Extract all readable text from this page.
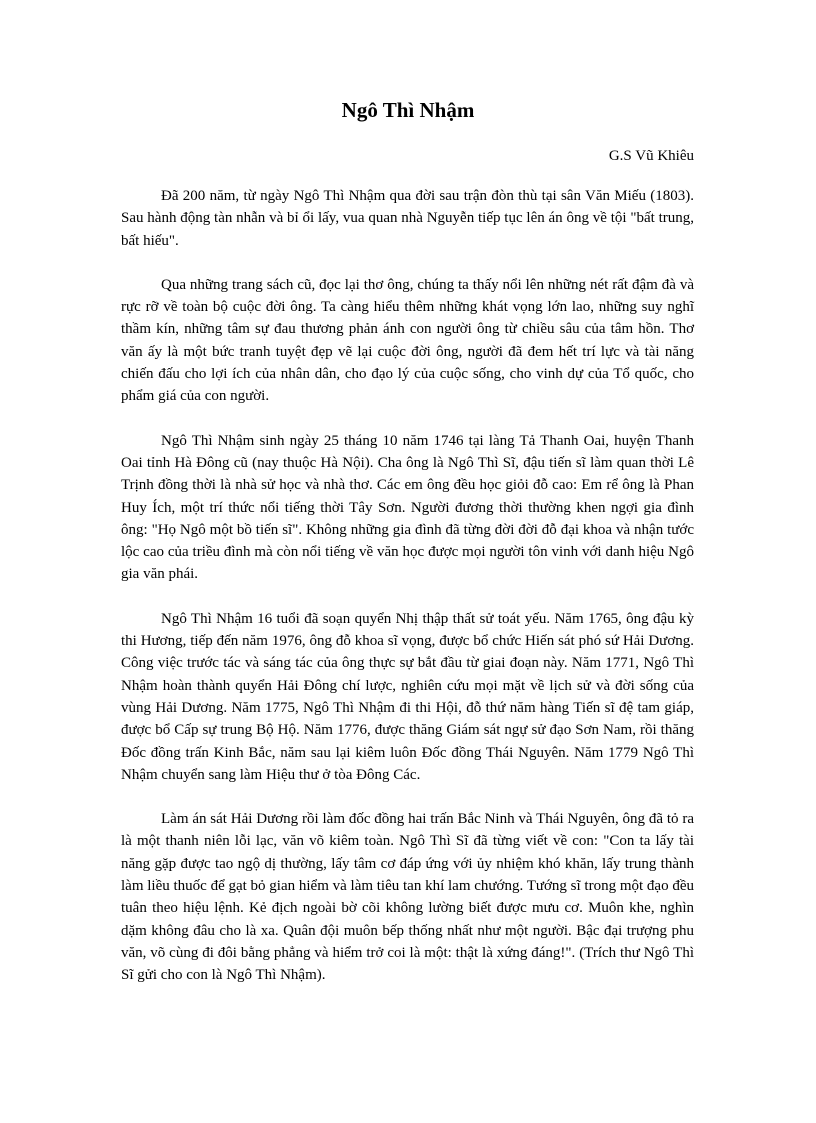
Ngô Thì Nhậm
G.S Vũ Khiêu

Đã 200 năm, từ ngày Ngô Thì Nhậm qua đời sau trận đòn thù tại sân Văn Miếu (1803). Sau hành động tàn nhẫn và bỉ ổi lấy, vua quan nhà Nguyễn tiếp tục lên án ông về tội "bất trung, bất hiếu".

Qua những trang sách cũ, đọc lại thơ ông, chúng ta thấy nổi lên những nét rất đậm đà và rực rỡ về toàn bộ cuộc đời ông. Ta càng hiểu thêm những khát vọng lớn lao, những suy nghĩ thầm kín, những tâm sự đau thương phản ánh con người ông từ chiều sâu của tâm hồn. Thơ văn ấy là một bức tranh tuyệt đẹp vẽ lại cuộc đời ông, người đã đem hết trí lực và tài năng chiến đấu cho lợi ích của nhân dân, cho đạo lý của cuộc sống, cho vinh dự của Tổ quốc, cho phẩm giá của con người.

Ngô Thì Nhậm sinh ngày 25 tháng 10 năm 1746 tại làng Tả Thanh Oai, huyện Thanh Oai tỉnh Hà Đông cũ (nay thuộc Hà Nội). Cha ông là Ngô Thì Sĩ, đậu tiến sĩ làm quan thời Lê Trịnh đồng thời là nhà sử học và nhà thơ. Các em ông đều học giỏi đỗ cao: Em rể ông là Phan Huy Ích, một trí thức nổi tiếng thời Tây Sơn. Người đương thời thường khen ngợi gia đình ông: "Họ Ngô một bồ tiến sĩ". Không những gia đình đã từng đời đời đỗ đại khoa và nhận tước lộc cao của triều đình mà còn nổi tiếng về văn học được mọi người tôn vinh với danh hiệu Ngô gia văn phái.

Ngô Thì Nhậm 16 tuổi đã soạn quyển Nhị thập thất sử toát yếu. Năm 1765, ông đậu kỳ thi Hương, tiếp đến năm 1976, ông đỗ khoa sĩ vọng, được bổ chức Hiến sát phó sứ Hải Dương. Công việc trước tác và sáng tác của ông thực sự bắt đầu từ giai đoạn này. Năm 1771, Ngô Thì Nhậm hoàn thành quyển Hải Đông chí lược, nghiên cứu mọi mặt về lịch sử và đời sống của vùng Hải Dương. Năm 1775, Ngô Thì Nhậm đi thi Hội, đỗ thứ năm hàng Tiến sĩ đệ tam giáp, được bổ Cấp sự trung Bộ Hộ. Năm 1776, được thăng Giám sát ngự sử đạo Sơn Nam, rồi thăng Đốc đồng trấn Kinh Bắc, năm sau lại kiêm luôn Đốc đồng Thái Nguyên. Năm 1779 Ngô Thì Nhậm chuyển sang làm Hiệu thư ở tòa Đông Các.

Làm án sát Hải Dương rồi làm đốc đồng hai trấn Bắc Ninh và Thái Nguyên, ông đã tỏ ra là một thanh niên lỗi lạc, văn võ kiêm toàn. Ngô Thì Sĩ đã từng viết về con: "Con ta lấy tài năng gặp được tao ngộ dị thường, lấy tâm cơ đáp ứng với ủy nhiệm khó khăn, lấy trung thành làm liều thuốc để gạt bỏ gian hiểm và làm tiêu tan khí lam chướng. Tướng sĩ trong một đạo đều tuân theo hiệu lệnh. Kẻ địch ngoài bờ cõi không lường biết được mưu cơ. Muôn khe, nghìn dặm không đâu cho là xa. Quân đội muôn bếp thống nhất như một người. Bậc đại trượng phu văn, võ cùng đi đôi bằng phẳng và hiểm trở coi là một: thật là xứng đáng!". (Trích thư Ngô Thì Sĩ gửi cho con là Ngô Thì Nhậm).
